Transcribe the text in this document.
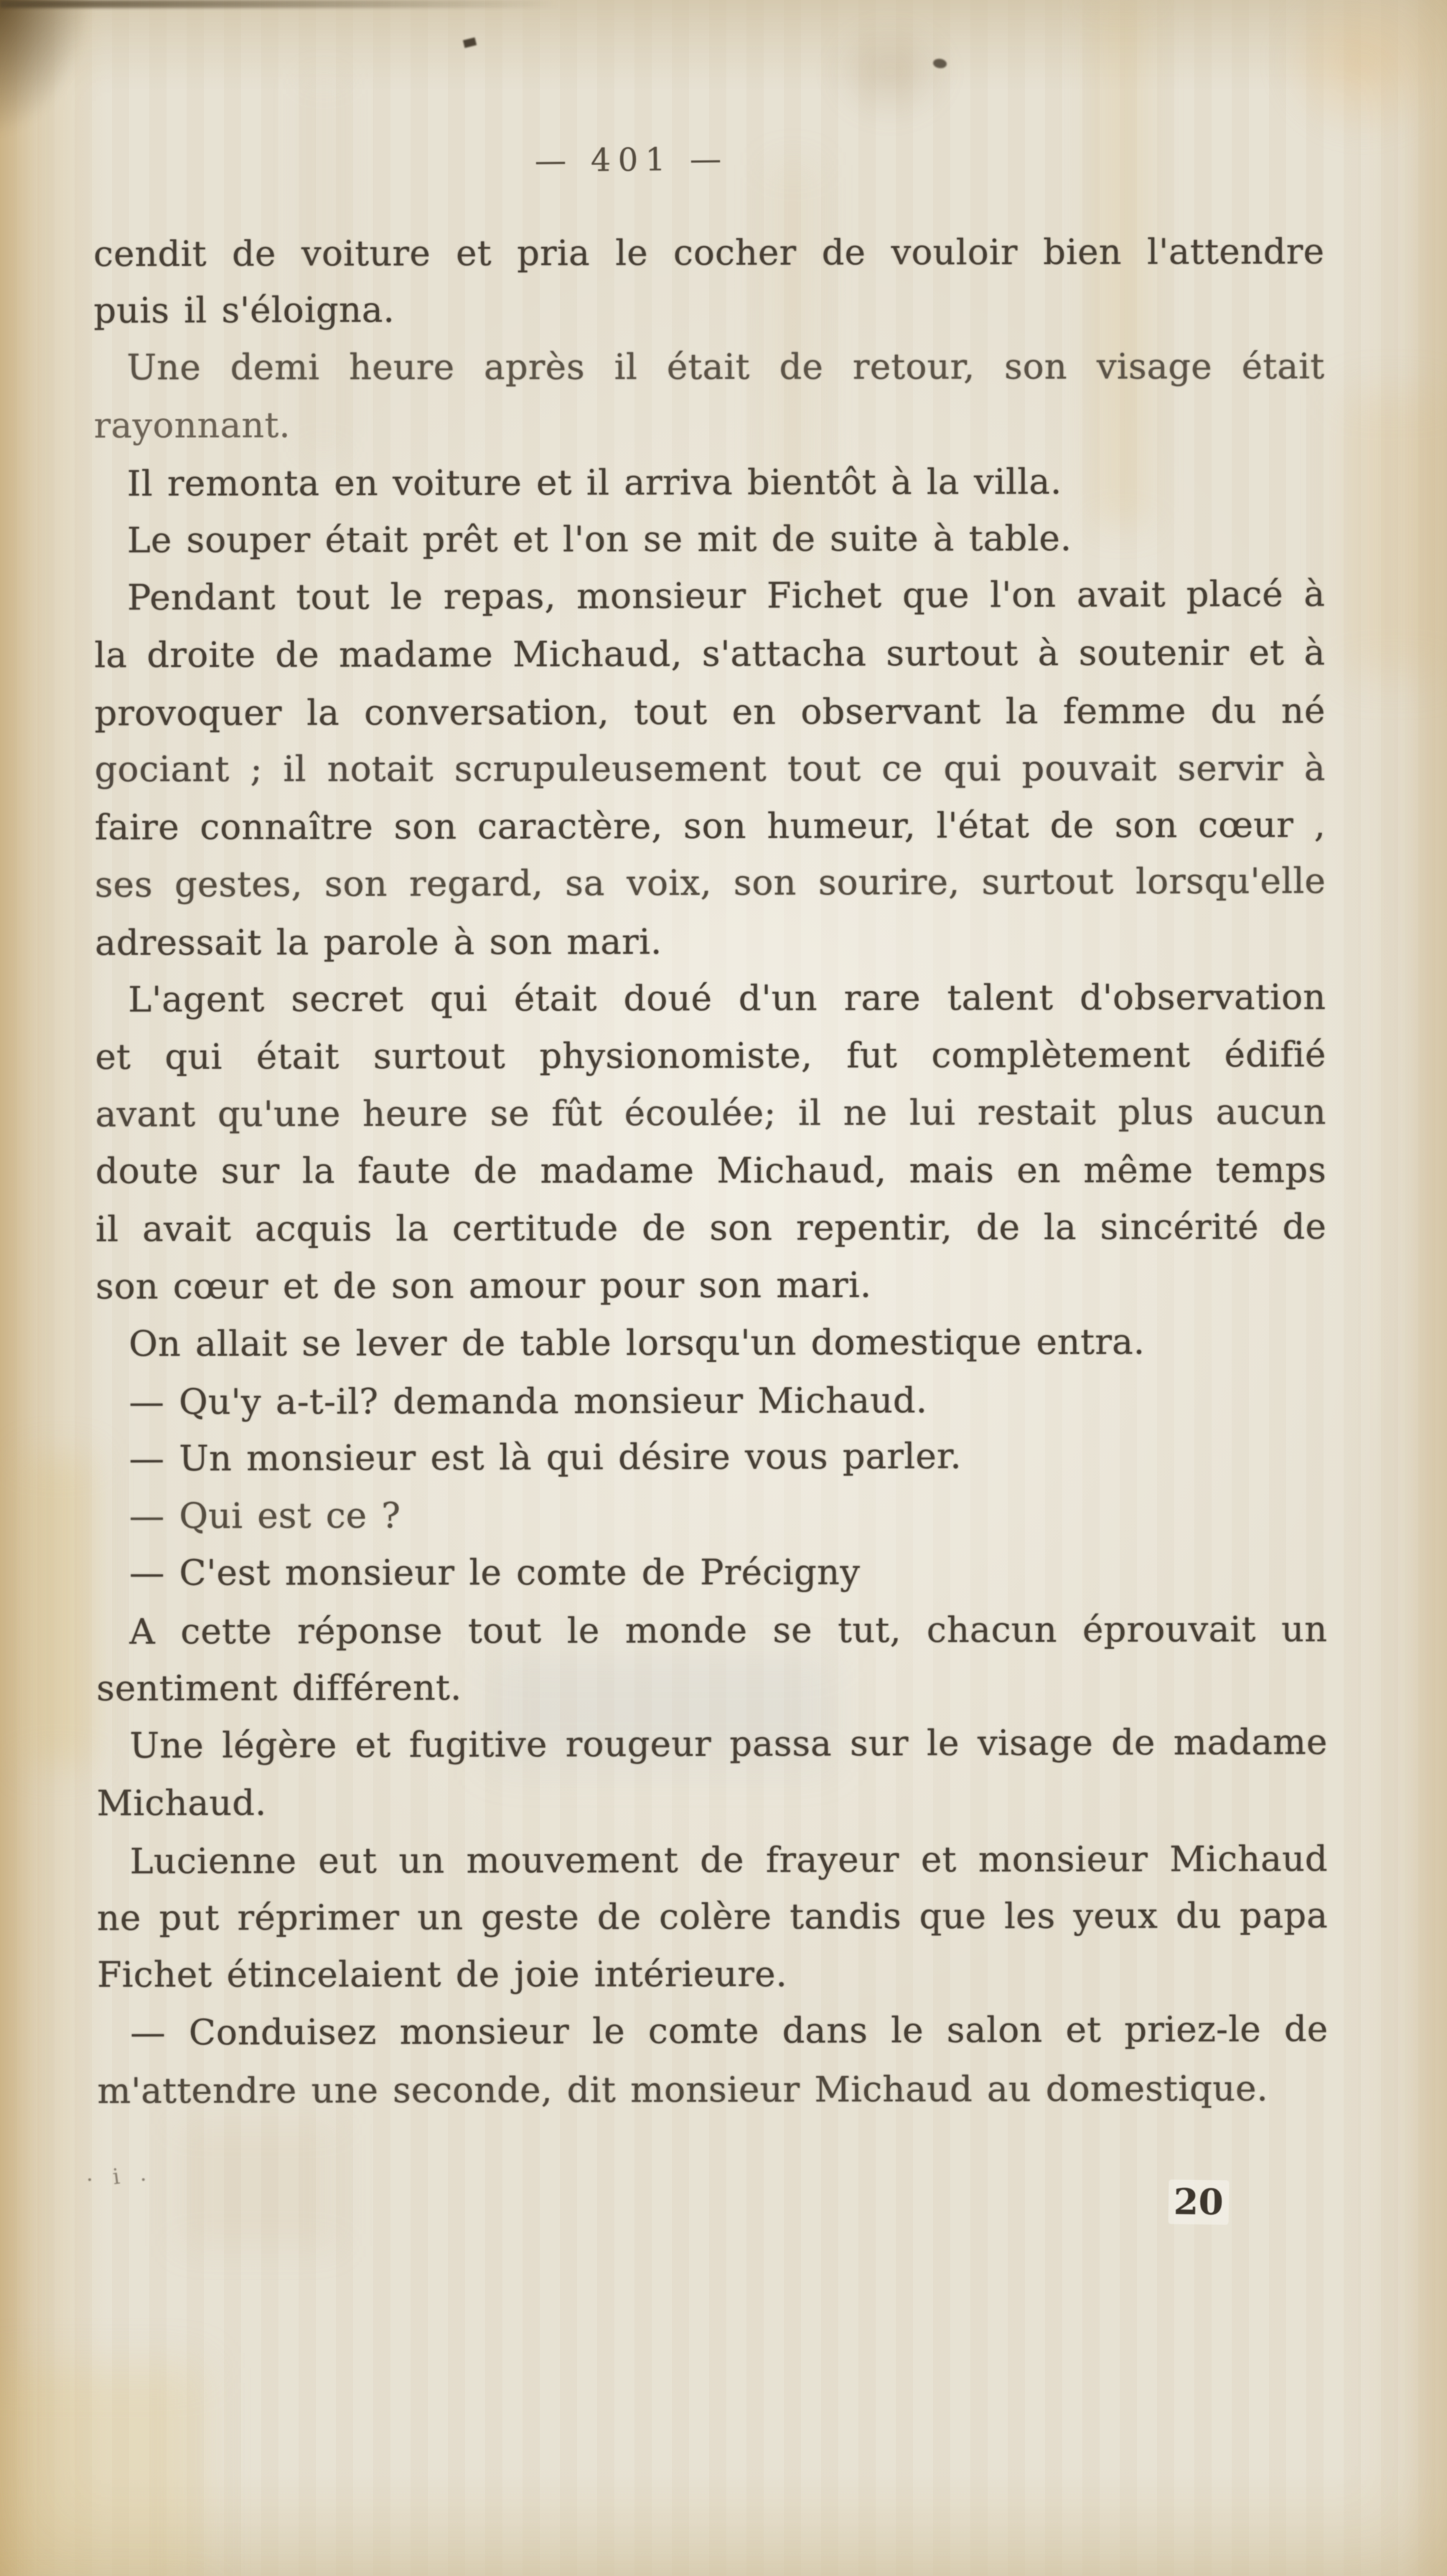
— 401 —
cendit de voiture et pria le cocher de vouloir bien l'attendre
puis il s'éloigna.
Une demi heure après il était de retour, son visage était
rayonnant.
Il remonta en voiture et il arriva bientôt à la villa.
Le souper était prêt et l'on se mit de suite à table.
Pendant tout le repas, monsieur Fichet que l'on avait placé à
la droite de madame Michaud, s'attacha surtout à soutenir et à
provoquer la conversation, tout en observant la femme du né
gociant ; il notait scrupuleusement tout ce qui pouvait servir à
faire connaître son caractère, son humeur, l'état de son cœur ,
ses gestes, son regard, sa voix, son sourire, surtout lorsqu'elle
adressait la parole à son mari.
L'agent secret qui était doué d'un rare talent d'observation
et qui était surtout physionomiste, fut complètement édifié
avant qu'une heure se fût écoulée; il ne lui restait plus aucun
doute sur la faute de madame Michaud, mais en même temps
il avait acquis la certitude de son repentir, de la sincérité de
son cœur et de son amour pour son mari.
On allait se lever de table lorsqu'un domestique entra.
— Qu'y a-t-il? demanda monsieur Michaud.
— Un monsieur est là qui désire vous parler.
— Qui est ce ?
— C'est monsieur le comte de Précigny
A cette réponse tout le monde se tut, chacun éprouvait un
sentiment différent.
Une légère et fugitive rougeur passa sur le visage de madame
Michaud.
Lucienne eut un mouvement de frayeur et monsieur Michaud
ne put réprimer un geste de colère tandis que les yeux du papa
Fichet étincelaient de joie intérieure.
— Conduisez monsieur le comte dans le salon et priez-le de
m'attendre une seconde, dit monsieur Michaud au domestique.
· i .
20
